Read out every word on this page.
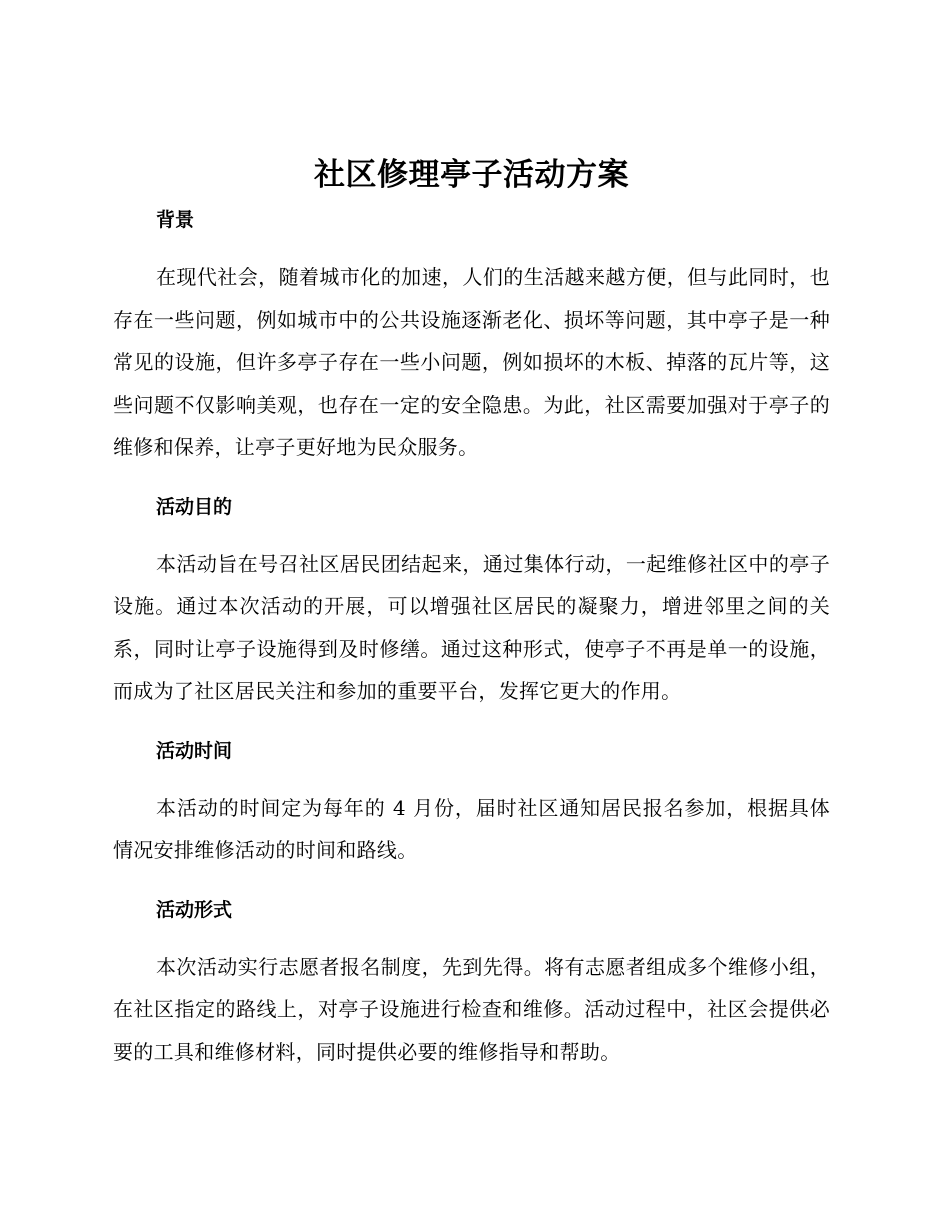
社区修理亭子活动方案
背景

在现代社会，随着城市化的加速，人们的生活越来越方便，但与此同时，也存在一些问题，例如城市中的公共设施逐渐老化、损坏等问题，其中亭子是一种常见的设施，但许多亭子存在一些小问题，例如损坏的木板、掉落的瓦片等，这些问题不仅影响美观，也存在一定的安全隐患。为此，社区需要加强对于亭子的维修和保养，让亭子更好地为民众服务。

活动目的

本活动旨在号召社区居民团结起来，通过集体行动，一起维修社区中的亭子设施。通过本次活动的开展，可以增强社区居民的凝聚力，增进邻里之间的关系，同时让亭子设施得到及时修缮。通过这种形式，使亭子不再是单一的设施，而成为了社区居民关注和参加的重要平台，发挥它更大的作用。

活动时间

本活动的时间定为每年的 4 月份，届时社区通知居民报名参加，根据具体情况安排维修活动的时间和路线。

活动形式

本次活动实行志愿者报名制度，先到先得。将有志愿者组成多个维修小组，在社区指定的路线上，对亭子设施进行检查和维修。活动过程中，社区会提供必要的工具和维修材料，同时提供必要的维修指导和帮助。
